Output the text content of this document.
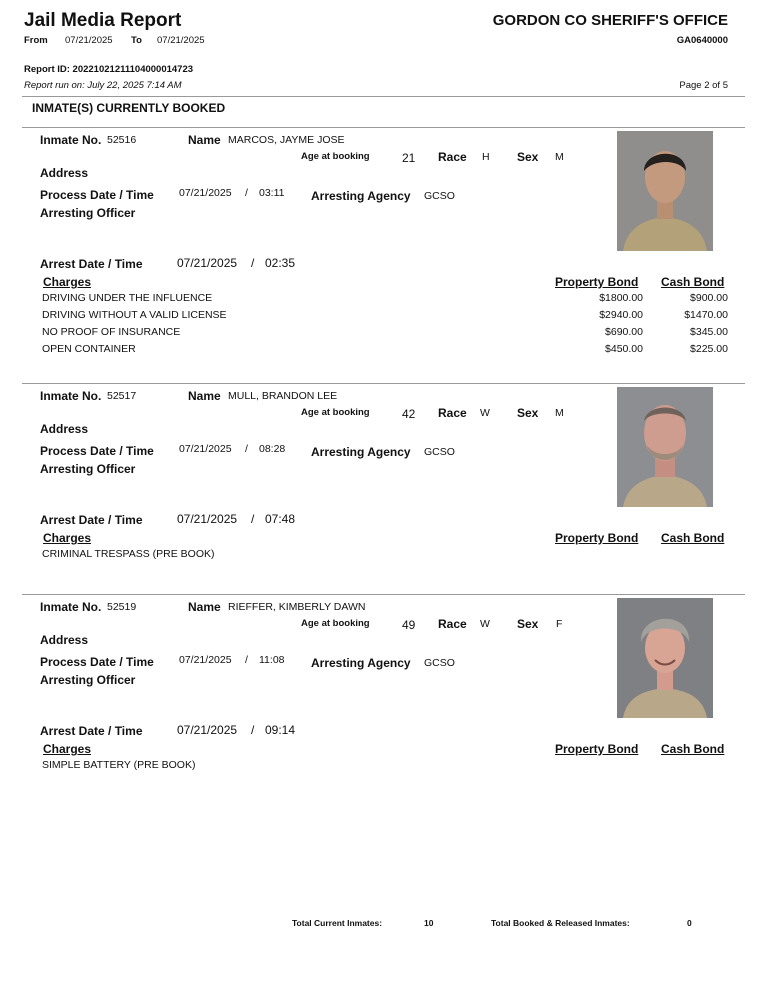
Jail Media Report
From 07/21/2025 To 07/21/2025
GORDON CO SHERIFF'S OFFICE
GA0640000
Report ID: 20221021211104000014723
Report run on: July 22, 2025 7:14 AM	Page 2 of 5
INMATE(S) CURRENTLY BOOKED
Inmate No. 52516	Name MARCOS, JAYME JOSE
Age at booking	21 Race H Sex M
Address
Process Date / Time 07/21/2025 / 03:11 Arresting Agency GCSO
Arresting Officer
Arrest Date / Time	07/21/2025 / 02:35
Charges	Property Bond Cash Bond
DRIVING UNDER THE INFLUENCE	$1800.00	$900.00
DRIVING WITHOUT A VALID LICENSE	$2940.00	$1470.00
NO PROOF OF INSURANCE	$690.00	$345.00
OPEN CONTAINER	$450.00	$225.00
Inmate No. 52517	Name MULL, BRANDON LEE
Age at booking	42 Race W Sex M
Address
Process Date / Time 07/21/2025 / 08:28 Arresting Agency GCSO
Arresting Officer
Arrest Date / Time	07/21/2025 / 07:48
Charges	Property Bond Cash Bond
CRIMINAL TRESPASS (PRE BOOK)
Inmate No. 52519	Name RIEFFER, KIMBERLY DAWN
Age at booking	49 Race W Sex F
Address
Process Date / Time 07/21/2025 / 11:08 Arresting Agency GCSO
Arresting Officer
Arrest Date / Time	07/21/2025 / 09:14
Charges	Property Bond Cash Bond
SIMPLE BATTERY (PRE BOOK)
Total Current Inmates:	10	Total Booked & Released Inmates:	0
